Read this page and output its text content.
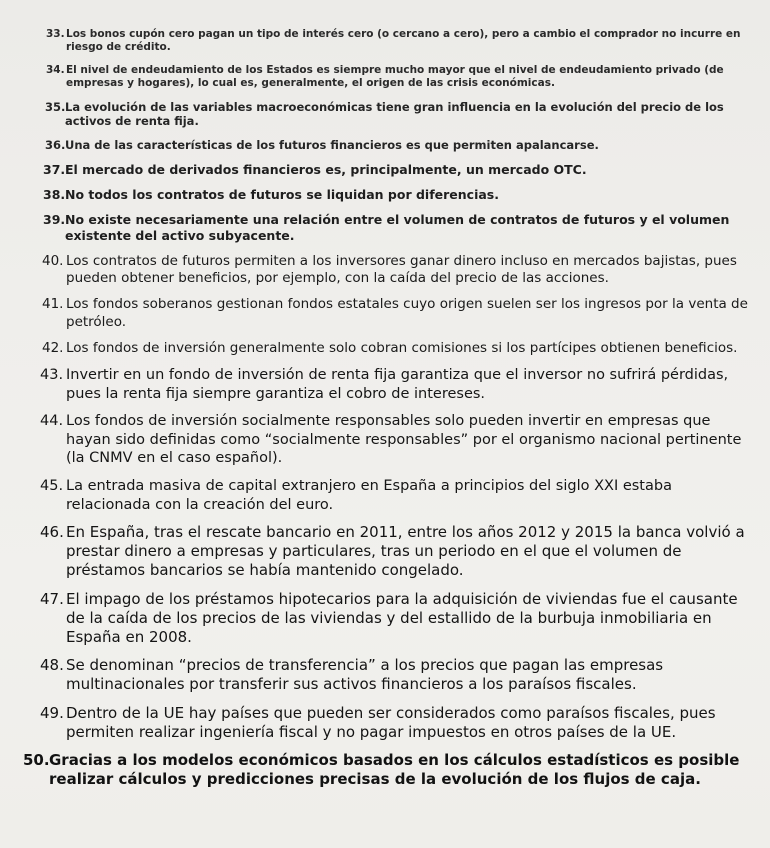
33. Los bonos cupón cero pagan un tipo de interés cero (o cercano a cero), pero a cambio el comprador no incurre en riesgo de crédito.
34. El nivel de endeudamiento de los Estados es siempre mucho mayor que el nivel de endeudamiento privado (de empresas y hogares), lo cual es, generalmente, el origen de las crisis económicas.
35. La evolución de las variables macroeconómicas tiene gran influencia en la evolución del precio de los activos de renta fija.
36. Una de las características de los futuros financieros es que permiten apalancarse.
37. El mercado de derivados financieros es, principalmente, un mercado OTC.
38. No todos los contratos de futuros se liquidan por diferencias.
39. No existe necesariamente una relación entre el volumen de contratos de futuros y el volumen existente del activo subyacente.
40. Los contratos de futuros permiten a los inversores ganar dinero incluso en mercados bajistas, pues pueden obtener beneficios, por ejemplo, con la caída del precio de las acciones.
41. Los fondos soberanos gestionan fondos estatales cuyo origen suelen ser los ingresos por la venta de petróleo.
42. Los fondos de inversión generalmente solo cobran comisiones si los partícipes obtienen beneficios.
43. Invertir en un fondo de inversión de renta fija garantiza que el inversor no sufrirá pérdidas, pues la renta fija siempre garantiza el cobro de intereses.
44. Los fondos de inversión socialmente responsables solo pueden invertir en empresas que hayan sido definidas como “socialmente responsables” por el organismo nacional pertinente (la CNMV en el caso español).
45. La entrada masiva de capital extranjero en España a principios del siglo XXI estaba relacionada con la creación del euro.
46. En España, tras el rescate bancario en 2011, entre los años 2012 y 2015 la banca volvió a prestar dinero a empresas y particulares, tras un periodo en el que el volumen de préstamos bancarios se había mantenido congelado.
47. El impago de los préstamos hipotecarios para la adquisición de viviendas fue el causante de la caída de los precios de las viviendas y del estallido de la burbuja inmobiliaria en España en 2008.
48. Se denominan “precios de transferencia” a los precios que pagan las empresas multinacionales por transferir sus activos financieros a los paraísos fiscales.
49. Dentro de la UE hay países que pueden ser considerados como paraísos fiscales, pues permiten realizar ingeniería fiscal y no pagar impuestos en otros países de la UE.
50. Gracias a los modelos económicos basados en los cálculos estadísticos es posible realizar cálculos y predicciones precisas de la evolución de los flujos de caja.
